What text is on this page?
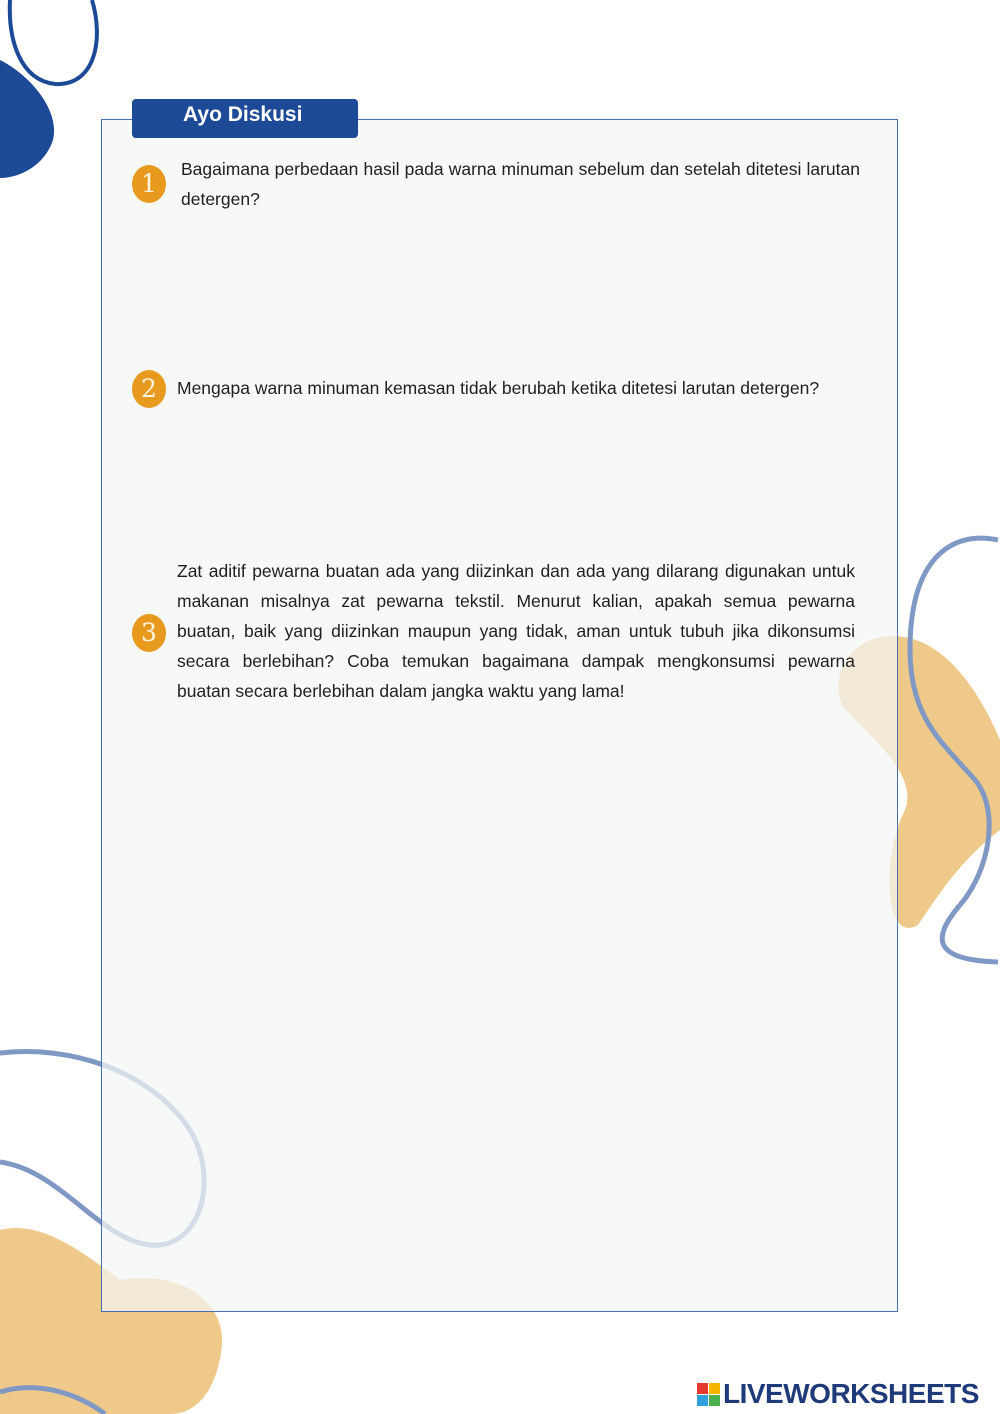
Ayo Diskusi
1	Bagaimana perbedaan hasil pada warna minuman sebelum dan setelah ditetesi larutan detergen?

2	Mengapa warna minuman kemasan tidak berubah ketika ditetesi larutan detergen?

3

Zat aditif pewarna buatan ada yang diizinkan dan ada yang dilarang digunakan untuk makanan misalnya zat pewarna tekstil. Menurut kalian, apakah semua pewarna buatan, baik yang diizinkan maupun yang tidak, aman untuk tubuh jika dikonsumsi secara berlebihan? Coba temukan bagaimana dampak mengkonsumsi pewarna buatan secara berlebihan dalam jangka waktu yang lama!

LIVEWORKSHEETS
